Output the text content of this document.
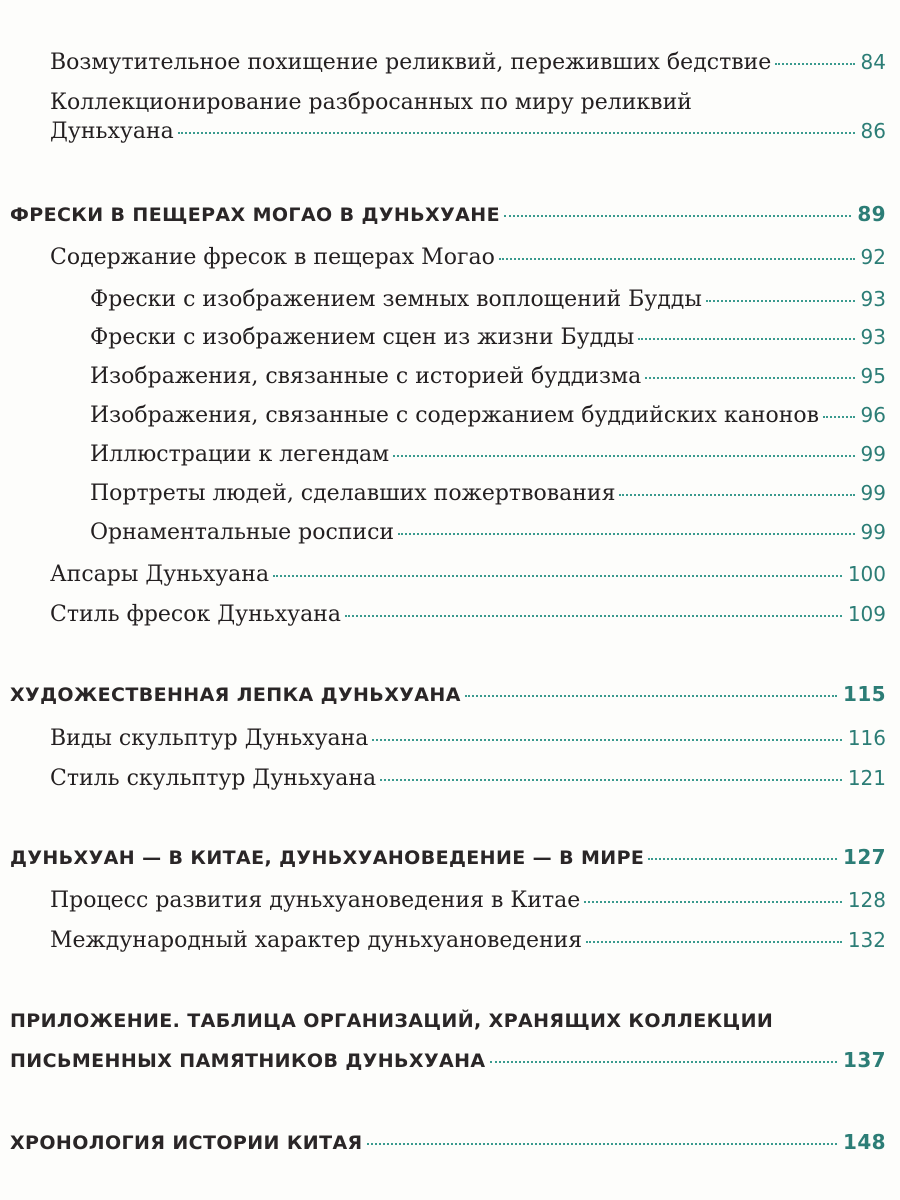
Возмутительное похищение реликвий, переживших бедствие	84
Коллекционирование разбросанных по миру реликвий
Дуньхуана	86
ФРЕСКИ В ПЕЩЕРАХ МОГАО В ДУНЬХУАНЕ	89
Содержание фресок в пещерах Могао	92
Фрески с изображением земных воплощений Будды	93
Фрески с изображением сцен из жизни Будды	93
Изображения, связанные с историей буддизма	95
Изображения, связанные с содержанием буддийских канонов 96
Иллюстрации к легендам	99
Портреты людей, сделавших пожертвования	99
Орнаментальные росписи	99
Апсары Дуньхуана	100
Стиль фресок Дуньхуана	109
ХУДОЖЕСТВЕННАЯ ЛЕПКА ДУНЬХУАНА	115
Виды скульптур Дуньхуана	116
Стиль скульптур Дуньхуана	121
ДУНЬХУАН — В КИТАЕ, ДУНЬХУАНОВЕДЕНИЕ — В МИРЕ	127
Процесс развития дуньхуановедения в Китае	128
Международный характер дуньхуановедения	132
ПРИЛОЖЕНИЕ. ТАБЛИЦА ОРГАНИЗАЦИЙ, ХРАНЯЩИХ КОЛЛЕКЦИИ
ПИСЬМЕННЫХ ПАМЯТНИКОВ ДУНЬХУАНА	137
ХРОНОЛОГИЯ ИСТОРИИ КИТАЯ	148
